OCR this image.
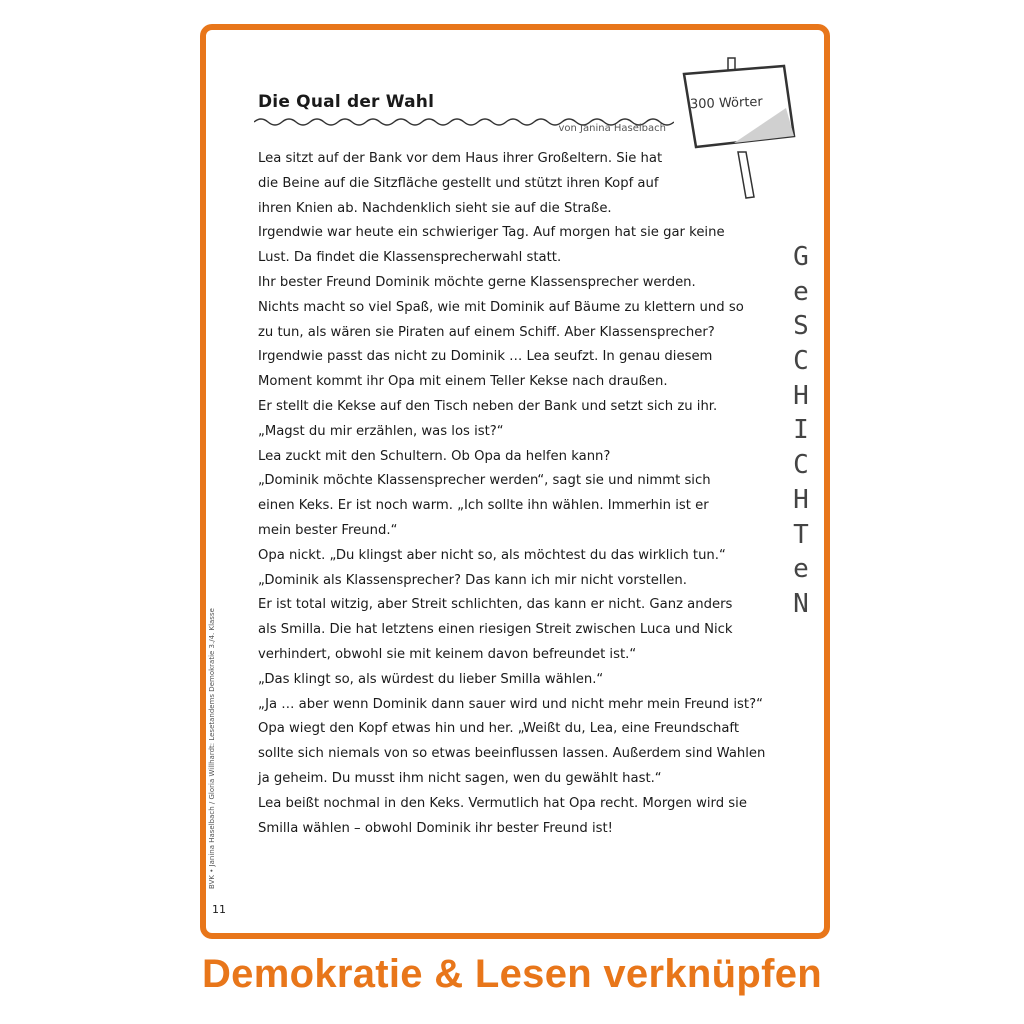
Die Qual der Wahl
von Janina Haselbach
300 Wörter
Lea sitzt auf der Bank vor dem Haus ihrer Großeltern. Sie hat
die Beine auf die Sitzfläche gestellt und stützt ihren Kopf auf
ihren Knien ab. Nachdenklich sieht sie auf die Straße.
Irgendwie war heute ein schwieriger Tag. Auf morgen hat sie gar keine
Lust. Da findet die Klassensprecherwahl statt.
Ihr bester Freund Dominik möchte gerne Klassensprecher werden.
Nichts macht so viel Spaß, wie mit Dominik auf Bäume zu klettern und so
zu tun, als wären sie Piraten auf einem Schiff. Aber Klassensprecher?
Irgendwie passt das nicht zu Dominik … Lea seufzt. In genau diesem
Moment kommt ihr Opa mit einem Teller Kekse nach draußen.
Er stellt die Kekse auf den Tisch neben der Bank und setzt sich zu ihr.
„Magst du mir erzählen, was los ist?“
Lea zuckt mit den Schultern. Ob Opa da helfen kann?
„Dominik möchte Klassensprecher werden“, sagt sie und nimmt sich
einen Keks. Er ist noch warm. „Ich sollte ihn wählen. Immerhin ist er
mein bester Freund.“
Opa nickt. „Du klingst aber nicht so, als möchtest du das wirklich tun.“
„Dominik als Klassensprecher? Das kann ich mir nicht vorstellen.
Er ist total witzig, aber Streit schlichten, das kann er nicht. Ganz anders
als Smilla. Die hat letztens einen riesigen Streit zwischen Luca und Nick
verhindert, obwohl sie mit keinem davon befreundet ist.“
„Das klingt so, als würdest du lieber Smilla wählen.“
„Ja … aber wenn Dominik dann sauer wird und nicht mehr mein Freund ist?“
Opa wiegt den Kopf etwas hin und her. „Weißt du, Lea, eine Freundschaft
sollte sich niemals von so etwas beeinflussen lassen. Außerdem sind Wahlen
ja geheim. Du musst ihm nicht sagen, wen du gewählt hast.“
Lea beißt nochmal in den Keks. Vermutlich hat Opa recht. Morgen wird sie
Smilla wählen – obwohl Dominik ihr bester Freund ist!
G
e
S
C
H
I
C
H
T
e
N
BVK • Janina Haselbach / Gloria Willhardt: Lesetandems Demokratie 3./4. Klasse
11
Demokratie & Lesen verknüpfen
